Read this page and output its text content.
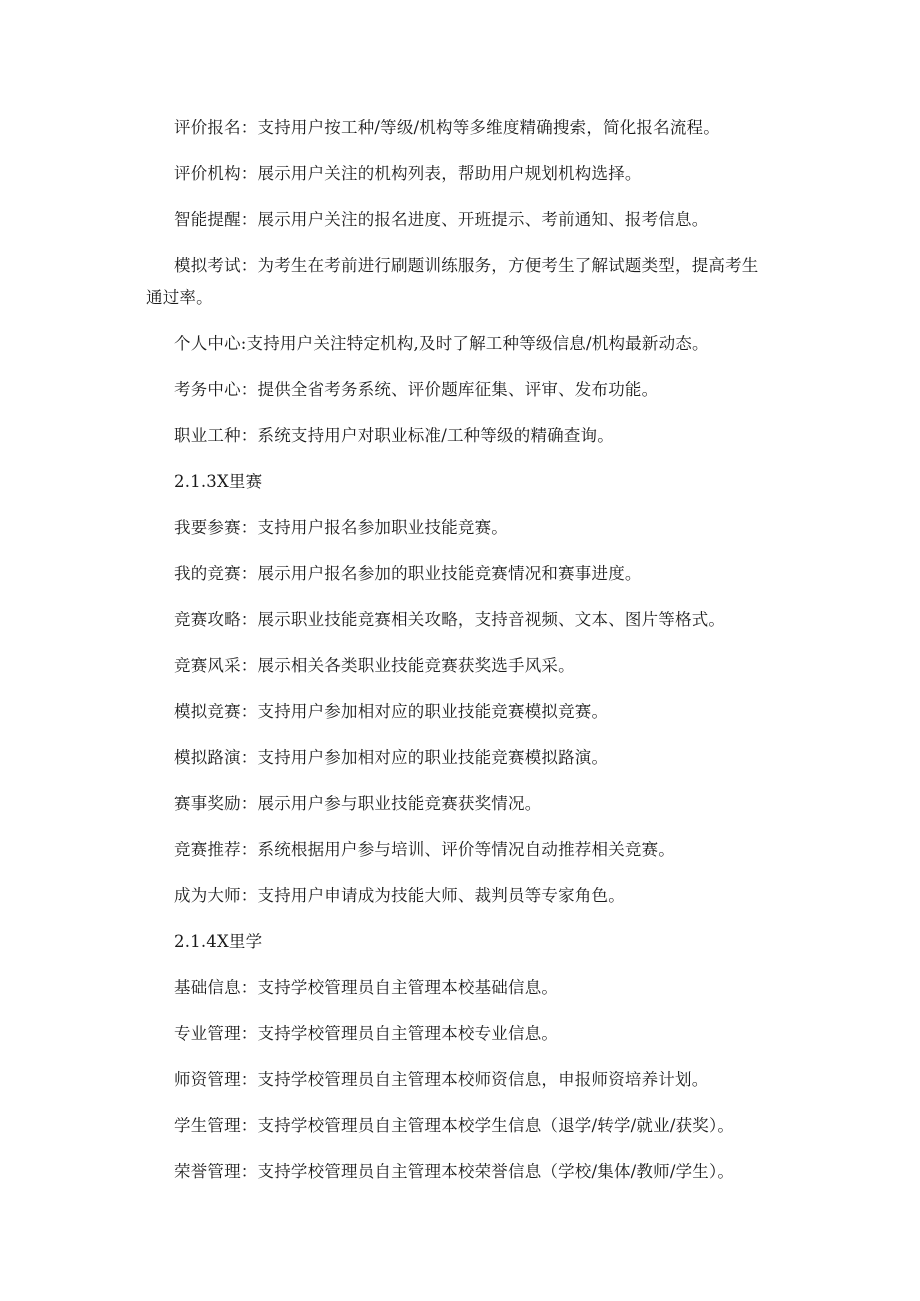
评价报名：支持用户按工种/等级/机构等多维度精确搜索，简化报名流程。
评价机构：展示用户关注的机构列表，帮助用户规划机构选择。
智能提醒：展示用户关注的报名进度、开班提示、考前通知、报考信息。
模拟考试：为考生在考前进行刷题训练服务，方便考生了解试题类型，提高考生
通过率。
个人中心:支持用户关注特定机构,及时了解工种等级信息/机构最新动态。
考务中心：提供全省考务系统、评价题库征集、评审、发布功能。
职业工种：系统支持用户对职业标准/工种等级的精确查询。
2.1.3X里赛
我要参赛：支持用户报名参加职业技能竞赛。
我的竞赛：展示用户报名参加的职业技能竞赛情况和赛事进度。
竞赛攻略：展示职业技能竞赛相关攻略，支持音视频、文本、图片等格式。
竞赛风采：展示相关各类职业技能竞赛获奖选手风采。
模拟竞赛：支持用户参加相对应的职业技能竞赛模拟竞赛。
模拟路演：支持用户参加相对应的职业技能竞赛模拟路演。
赛事奖励：展示用户参与职业技能竞赛获奖情况。
竞赛推荐：系统根据用户参与培训、评价等情况自动推荐相关竞赛。
成为大师：支持用户申请成为技能大师、裁判员等专家角色。
2.1.4X里学
基础信息：支持学校管理员自主管理本校基础信息。
专业管理：支持学校管理员自主管理本校专业信息。
师资管理：支持学校管理员自主管理本校师资信息，申报师资培养计划。
学生管理：支持学校管理员自主管理本校学生信息（退学/转学/就业/获奖）。
荣誉管理：支持学校管理员自主管理本校荣誉信息（学校/集体/教师/学生）。
